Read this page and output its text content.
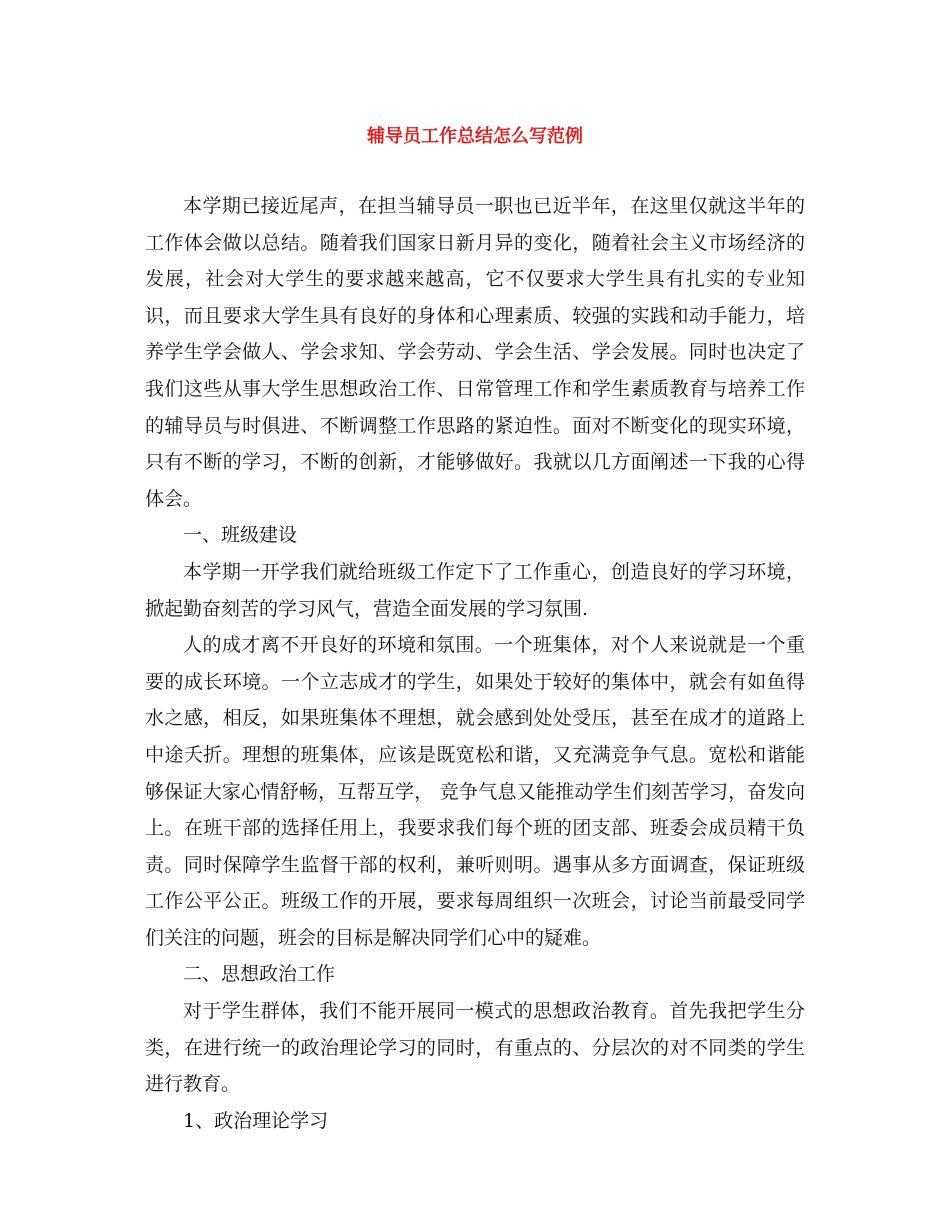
辅导员工作总结怎么写范例

本学期已接近尾声，在担当辅导员一职也已近半年，在这里仅就这半年的工作体会做以总结。随着我们国家日新月异的变化，随着社会主义市场经济的发展，社会对大学生的要求越来越高，它不仅要求大学生具有扎实的专业知识，而且要求大学生具有良好的身体和心理素质、较强的实践和动手能力，培养学生学会做人、学会求知、学会劳动、学会生活、学会发展。同时也决定了我们这些从事大学生思想政治工作、日常管理工作和学生素质教育与培养工作的辅导员与时俱进、不断调整工作思路的紧迫性。面对不断变化的现实环境，只有不断的学习，不断的创新，才能够做好。我就以几方面阐述一下我的心得体会。

一、班级建设

本学期一开学我们就给班级工作定下了工作重心，创造良好的学习环境，掀起勤奋刻苦的学习风气，营造全面发展的学习氛围.

人的成才离不开良好的环境和氛围。一个班集体，对个人来说就是一个重要的成长环境。一个立志成才的学生，如果处于较好的集体中，就会有如鱼得水之感，相反，如果班集体不理想，就会感到处处受压，甚至在成才的道路上中途夭折。理想的班集体，应该是既宽松和谐，又充满竞争气息。宽松和谐能够保证大家心情舒畅，互帮互学， 竞争气息又能推动学生们刻苦学习，奋发向上。在班干部的选择任用上，我要求我们每个班的团支部、班委会成员精干负责。同时保障学生监督干部的权利，兼听则明。遇事从多方面调查，保证班级工作公平公正。班级工作的开展，要求每周组织一次班会，讨论当前最受同学们关注的问题，班会的目标是解决同学们心中的疑难。

二、思想政治工作

对于学生群体，我们不能开展同一模式的思想政治教育。首先我把学生分类，在进行统一的政治理论学习的同时，有重点的、分层次的对不同类的学生进行教育。

1、政治理论学习
